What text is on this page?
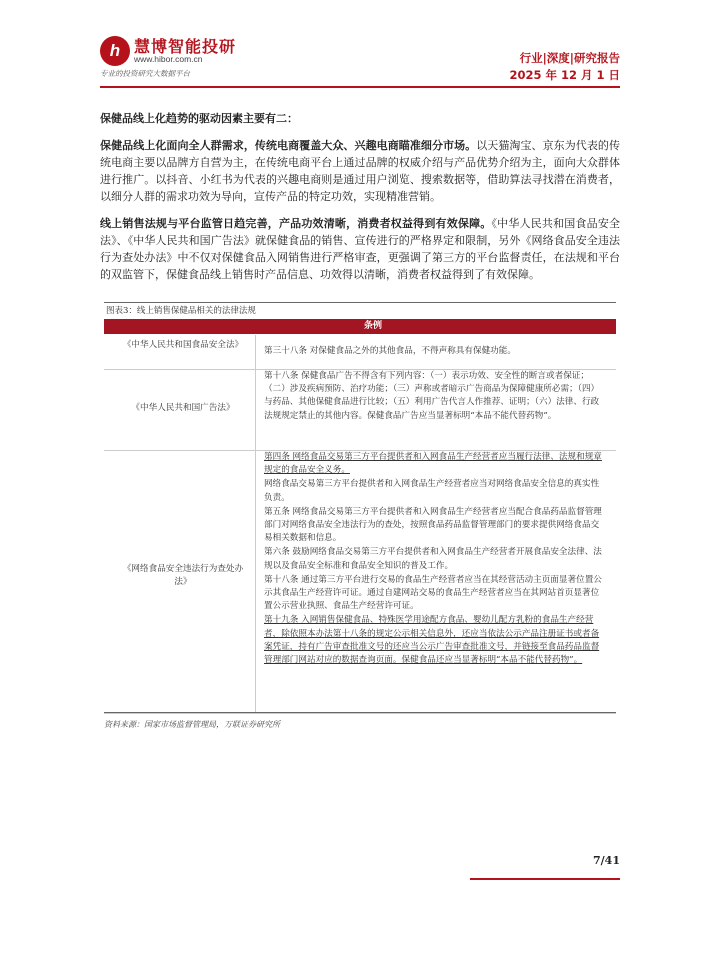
h 慧博智能投研
www.hibor.com.cn
专业的投资研究大数据平台
行业|深度|研究报告
2025 年 12 月 1 日

保健品线上化趋势的驱动因素主要有二：

保健品线上化面向全人群需求，传统电商覆盖大众、兴趣电商瞄准细分市场。以天猫淘宝、京东为代表的传统电商主要以品牌方自营为主，在传统电商平台上通过品牌的权威介绍与产品优势介绍为主，面向大众群体进行推广。以抖音、小红书为代表的兴趣电商则是通过用户浏览、搜索数据等，借助算法寻找潜在消费者，以细分人群的需求功效为导向，宣传产品的特定功效，实现精准营销。

线上销售法规与平台监管日趋完善，产品功效清晰，消费者权益得到有效保障。《中华人民共和国食品安全法》、《中华人民共和国广告法》就保健食品的销售、宣传进行的严格界定和限制，另外《网络食品安全违法行为查处办法》中不仅对保健食品入网销售进行严格审查，更强调了第三方的平台监督责任，在法规和平台的双监管下，保健食品线上销售时产品信息、功效得以清晰，消费者权益得到了有效保障。

图表3：线上销售保健品相关的法律法规
条例
《中华人民共和国食品安全法》

第三十八条 对保健食品之外的其他食品，不得声称具有保健功能。

《中华人民共和国广告法》

第十八条 保健食品广告不得含有下列内容：（一）表示功效、安全性的断言或者保证；（二）涉及疾病预防、治疗功能；（三）声称或者暗示广告商品为保障健康所必需；（四）与药品、其他保健食品进行比较；（五）利用广告代言人作推荐、证明；（六）法律、行政法规规定禁止的其他内容。保健食品广告应当显著标明“本品不能代替药物”。

《网络食品安全违法行为查处办法》

第四条 网络食品交易第三方平台提供者和入网食品生产经营者应当履行法律、法规和规章规定的食品安全义务。

网络食品交易第三方平台提供者和入网食品生产经营者应当对网络食品安全信息的真实性负责。

第五条 网络食品交易第三方平台提供者和入网食品生产经营者应当配合食品药品监督管理部门对网络食品安全违法行为的查处，按照食品药品监督管理部门的要求提供网络食品交易相关数据和信息。

第六条 鼓励网络食品交易第三方平台提供者和入网食品生产经营者开展食品安全法律、法规以及食品安全标准和食品安全知识的普及工作。

第十八条 通过第三方平台进行交易的食品生产经营者应当在其经营活动主页面显著位置公示其食品生产经营许可证。通过自建网站交易的食品生产经营者应当在其网站首页显著位置公示营业执照、食品生产经营许可证。

第十九条 入网销售保健食品、特殊医学用途配方食品、婴幼儿配方乳粉的食品生产经营者，除依照本办法第十八条的规定公示相关信息外，还应当依法公示产品注册证书或者备案凭证，持有广告审查批准文号的还应当公示广告审查批准文号，并链接至食品药品监督管理部门网站对应的数据查询页面。保健食品还应当显著标明“本品不能代替药物”。

资料来源：国家市场监督管理局，万联证券研究所
7/41
